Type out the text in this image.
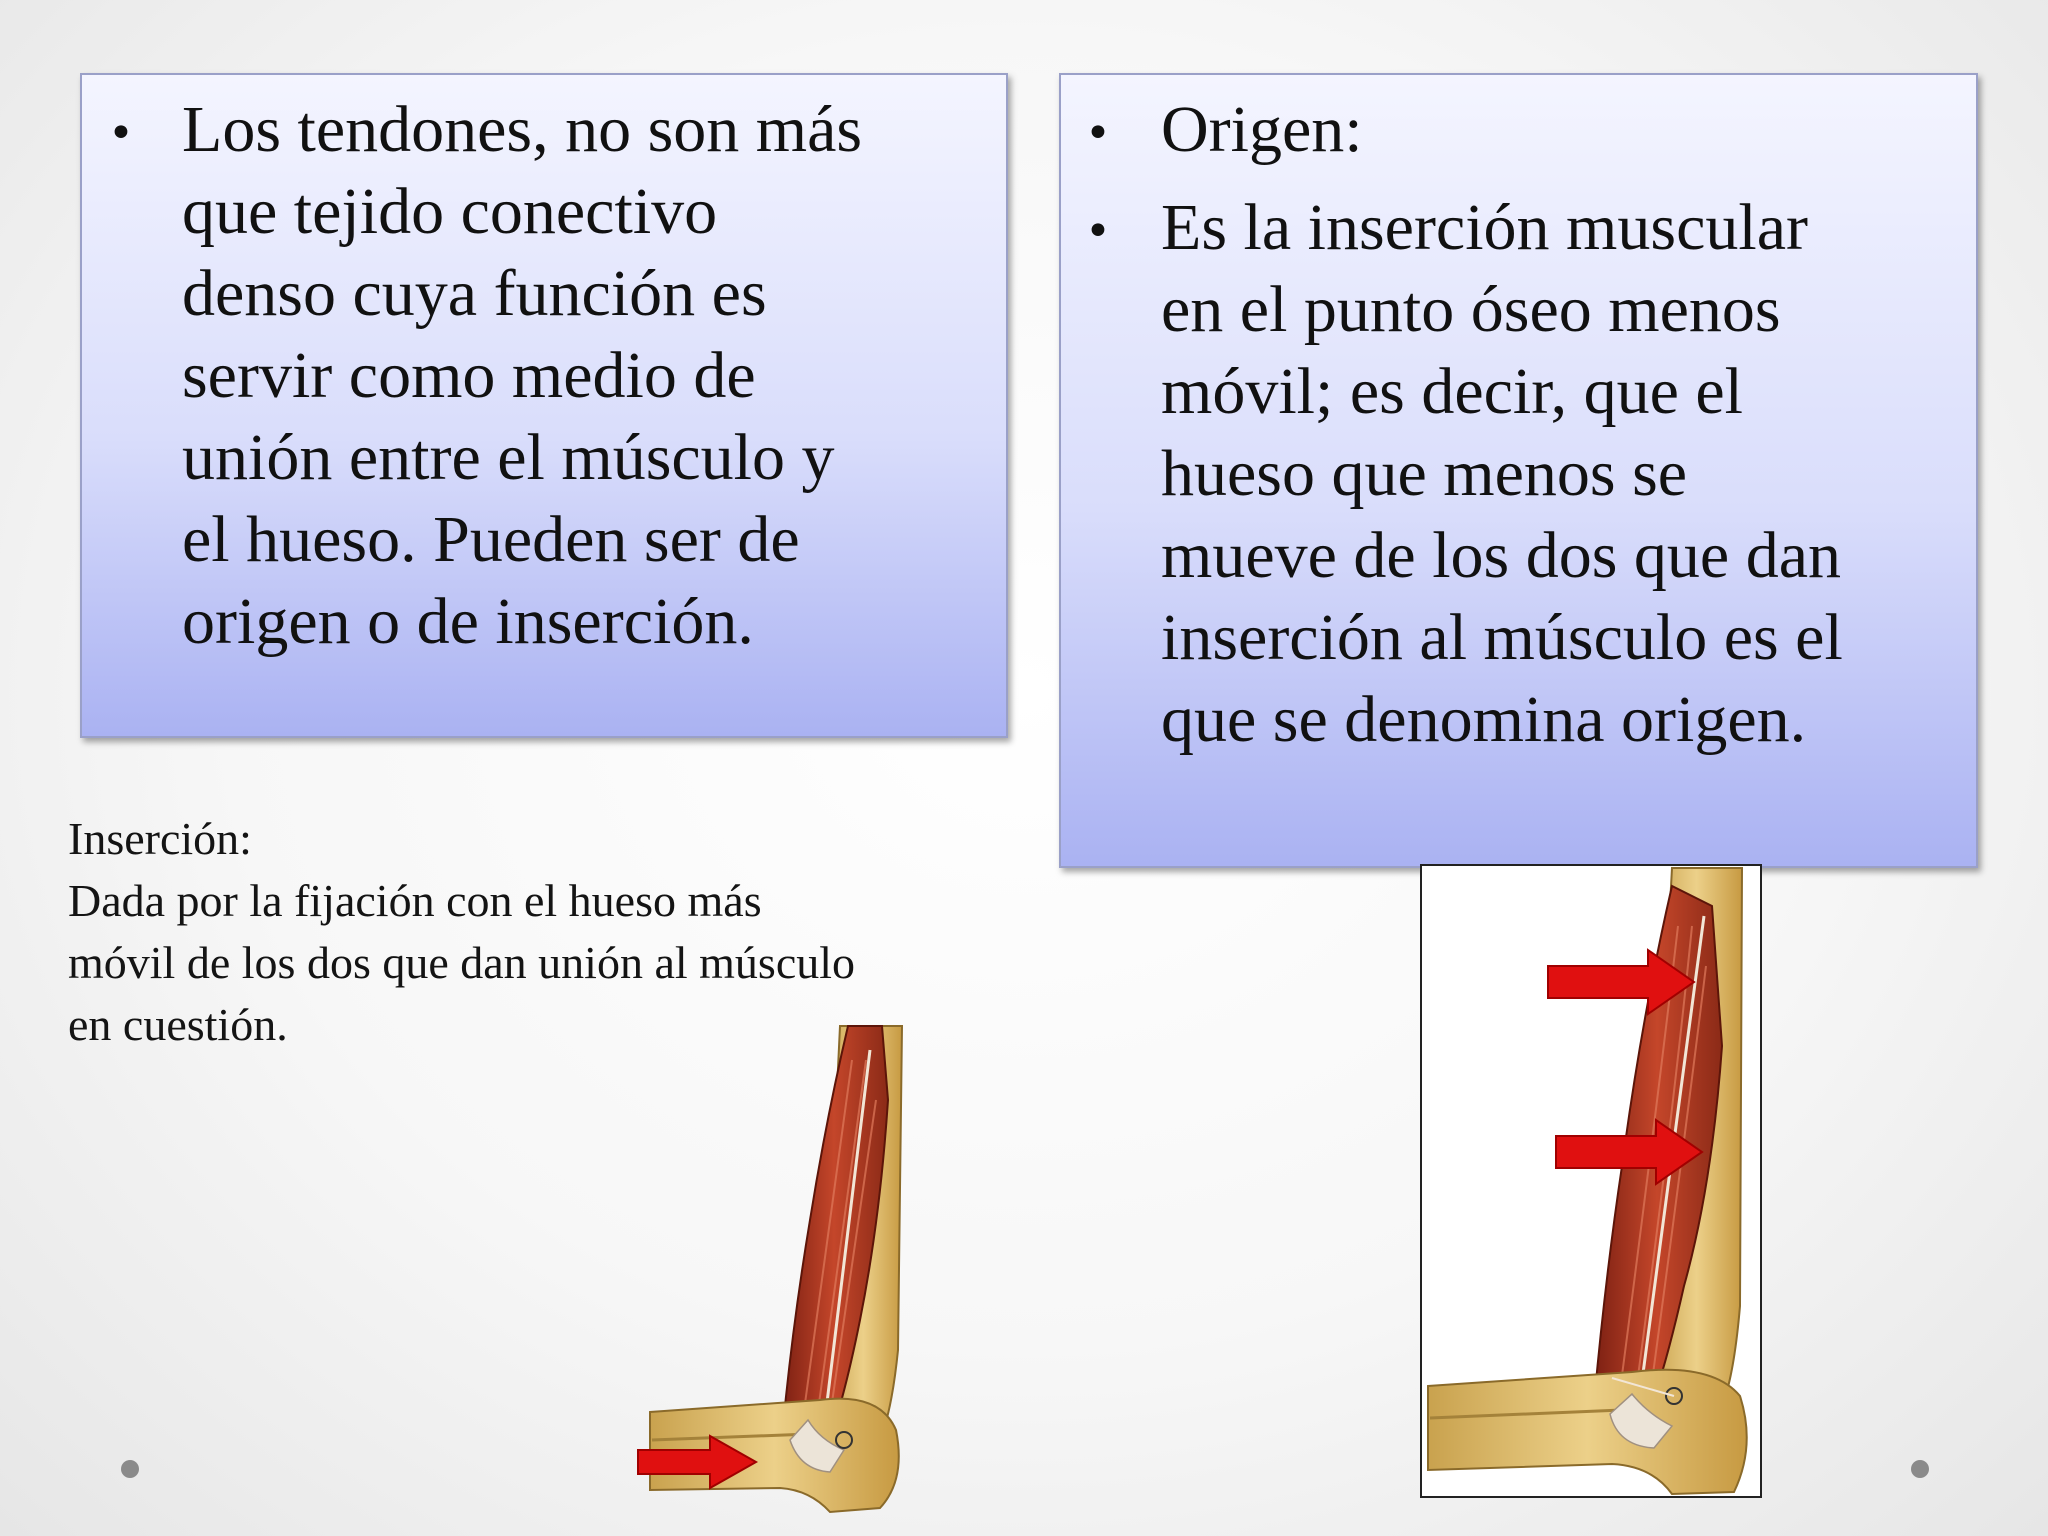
• Los tendones, no son más
que tejido conectivo
denso cuya función es
servir como medio de
unión entre el músculo y
el hueso. Pueden ser de
origen o de inserción.
• Origen:
• Es la inserción muscular
en el punto óseo menos
móvil; es decir, que el
hueso que menos se
mueve de los dos que dan
inserción al músculo es el
que se denomina origen.
Inserción:
Dada por la fijación con el hueso más
móvil de los dos que dan unión al músculo
en cuestión.
